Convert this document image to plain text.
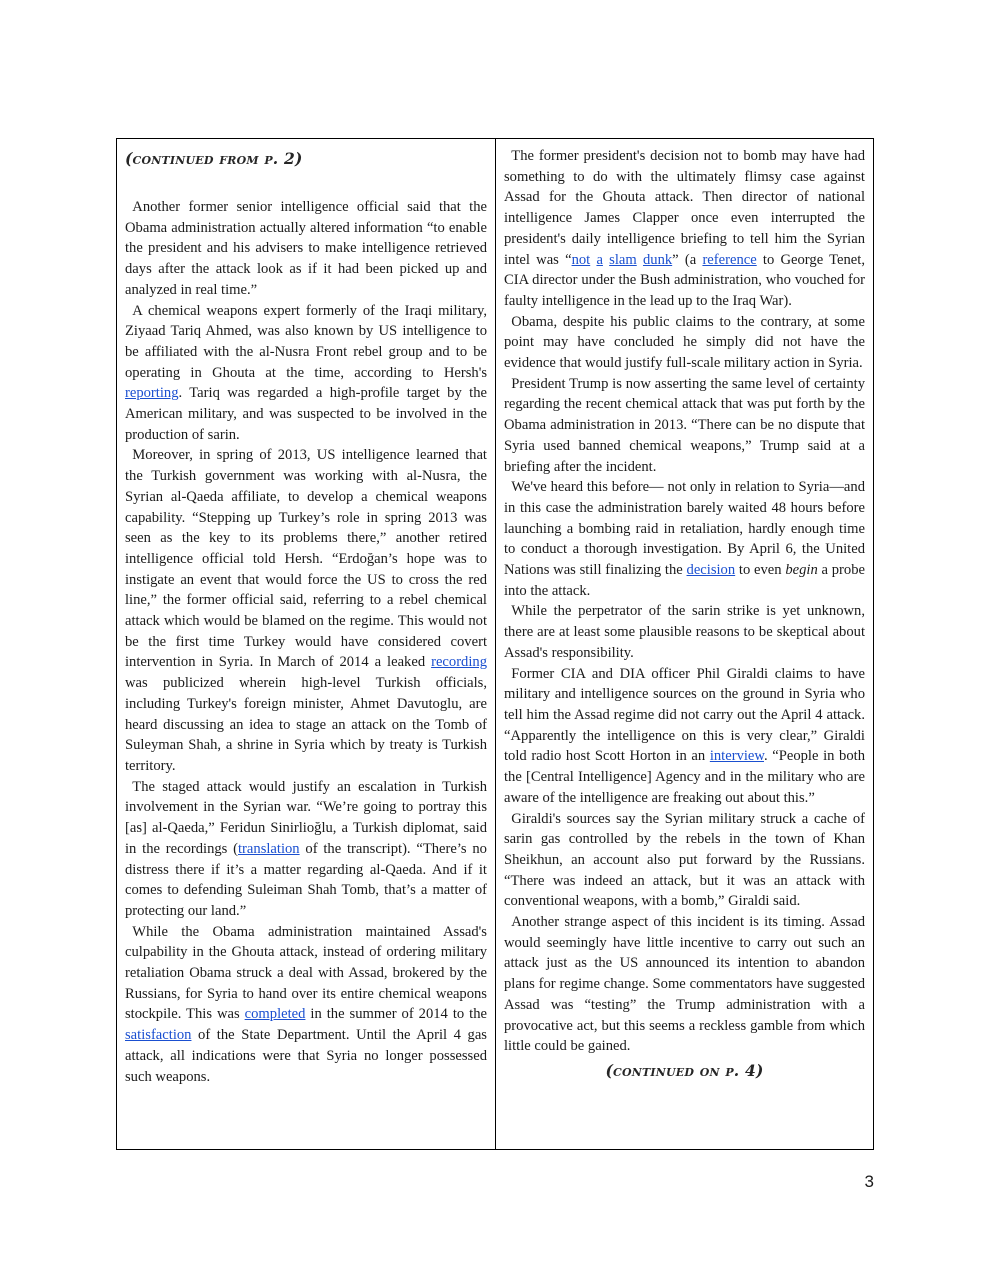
(continued from p. 2)

Another former senior intelligence official said that the Obama administration actually altered information “to enable the president and his advisers to make intelligence retrieved days after the attack look as if it had been picked up and analyzed in real time.”

A chemical weapons expert formerly of the Iraqi military, Ziyaad Tariq Ahmed, was also known by US intelligence to be affiliated with the al-Nusra Front rebel group and to be operating in Ghouta at the time, according to Hersh's reporting. Tariq was regarded a high-profile target by the American military, and was suspected to be involved in the production of sarin.

Moreover, in spring of 2013, US intelligence learned that the Turkish government was working with al-Nusra, the Syrian al-Qaeda affiliate, to develop a chemical weapons capability. “Stepping up Turkey’s role in spring 2013 was seen as the key to its problems there,” another retired intelligence official told Hersh. “Erdoğan’s hope was to instigate an event that would force the US to cross the red line,” the former official said, referring to a rebel chemical attack which would be blamed on the regime. This would not be the first time Turkey would have considered covert intervention in Syria. In March of 2014 a leaked recording was publicized wherein high-level Turkish officials, including Turkey's foreign minister, Ahmet Davutoglu, are heard discussing an idea to stage an attack on the Tomb of Suleyman Shah, a shrine in Syria which by treaty is Turkish territory.

The staged attack would justify an escalation in Turkish involvement in the Syrian war. “We’re going to portray this [as] al-Qaeda,” Feridun Sinirlioğlu, a Turkish diplomat, said in the recordings (translation of the transcript). “There’s no distress there if it’s a matter regarding al-Qaeda. And if it comes to defending Suleiman Shah Tomb, that’s a matter of protecting our land.”

While the Obama administration maintained Assad's culpability in the Ghouta attack, instead of ordering military retaliation Obama struck a deal with Assad, brokered by the Russians, for Syria to hand over its entire chemical weapons stockpile. This was completed in the summer of 2014 to the satisfaction of the State Department. Until the April 4 gas attack, all indications were that Syria no longer possessed such weapons.

The former president's decision not to bomb may have had something to do with the ultimately flimsy case against Assad for the Ghouta attack. Then director of national intelligence James Clapper once even interrupted the president's daily intelligence briefing to tell him the Syrian intel was “not a slam dunk” (a reference to George Tenet, CIA director under the Bush administration, who vouched for faulty intelligence in the lead up to the Iraq War).

Obama, despite his public claims to the contrary, at some point may have concluded he simply did not have the evidence that would justify full-scale military action in Syria.

President Trump is now asserting the same level of certainty regarding the recent chemical attack that was put forth by the Obama administration in 2013. “There can be no dispute that Syria used banned chemical weapons,” Trump said at a briefing after the incident.

We've heard this before— not only in relation to Syria—and in this case the administration barely waited 48 hours before launching a bombing raid in retaliation, hardly enough time to conduct a thorough investigation. By April 6, the United Nations was still finalizing the decision to even begin a probe into the attack.

While the perpetrator of the sarin strike is yet unknown, there are at least some plausible reasons to be skeptical about Assad's responsibility.

Former CIA and DIA officer Phil Giraldi claims to have military and intelligence sources on the ground in Syria who tell him the Assad regime did not carry out the April 4 attack. “Apparently the intelligence on this is very clear,” Giraldi told radio host Scott Horton in an interview. “People in both the [Central Intelligence] Agency and in the military who are aware of the intelligence are freaking out about this.”

Giraldi's sources say the Syrian military struck a cache of sarin gas controlled by the rebels in the town of Khan Sheikhun, an account also put forward by the Russians. “There was indeed an attack, but it was an attack with conventional weapons, with a bomb,” Giraldi said.

Another strange aspect of this incident is its timing. Assad would seemingly have little incentive to carry out such an attack just as the US announced its intention to abandon plans for regime change. Some commentators have suggested Assad was “testing” the Trump administration with a provocative act, but this seems a reckless gamble from which little could be gained.

(continued on p. 4)
3
